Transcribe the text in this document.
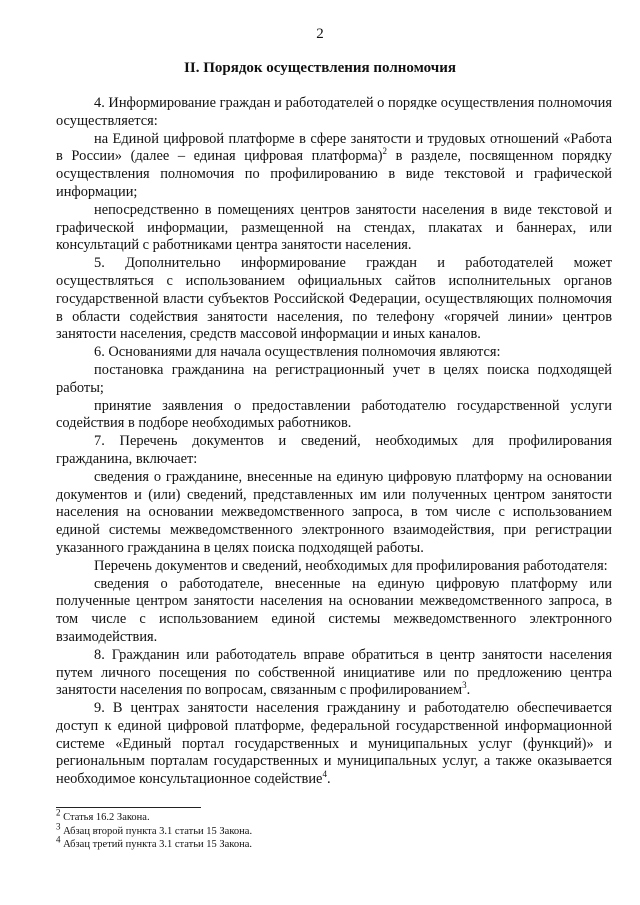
2
II. Порядок осуществления полномочия

4. Информирование граждан и работодателей о порядке осуществления полномочия осуществляется:

на Единой цифровой платформе в сфере занятости и трудовых отношений «Работа в России» (далее – единая цифровая платформа)$^2$ в разделе, посвященном порядку осуществления полномочия по профилированию в виде текстовой и графической информации;

непосредственно в помещениях центров занятости населения в виде текстовой и графической информации, размещенной на стендах, плакатах и баннерах, или консультаций с работниками центра занятости населения.

5. Дополнительно информирование граждан и работодателей может осуществляться с использованием официальных сайтов исполнительных органов государственной власти субъектов Российской Федерации, осуществляющих полномочия в области содействия занятости населения, по телефону «горячей линии» центров занятости населения, средств массовой информации и иных каналов.

6. Основаниями для начала осуществления полномочия являются:

постановка гражданина на регистрационный учет в целях поиска подходящей работы;

принятие заявления о предоставлении работодателю государственной услуги содействия в подборе необходимых работников.

7. Перечень документов и сведений, необходимых для профилирования гражданина, включает:

сведения о гражданине, внесенные на единую цифровую платформу на основании документов и (или) сведений, представленных им или полученных центром занятости населения на основании межведомственного запроса, в том числе с использованием единой системы межведомственного электронного взаимодействия, при регистрации указанного гражданина в целях поиска подходящей работы.

Перечень документов и сведений, необходимых для профилирования работодателя:

сведения о работодателе, внесенные на единую цифровую платформу или полученные центром занятости населения на основании межведомственного запроса, в том числе с использованием единой системы межведомственного электронного взаимодействия.

8. Гражданин или работодатель вправе обратиться в центр занятости населения путем личного посещения по собственной инициативе или по предложению центра занятости населения по вопросам, связанным с профилированием$^3$.

9. В центрах занятости населения гражданину и работодателю обеспечивается доступ к единой цифровой платформе, федеральной государственной информационной системе «Единый портал государственных и муниципальных услуг (функций)» и региональным порталам государственных и муниципальных услуг, а также оказывается необходимое консультационное содействие$^4$.

$^2$ Статья 16.2 Закона.
$^3$ Абзац второй пункта 3.1 статьи 15 Закона.
$^4$ Абзац третий пункта 3.1 статьи 15 Закона.
